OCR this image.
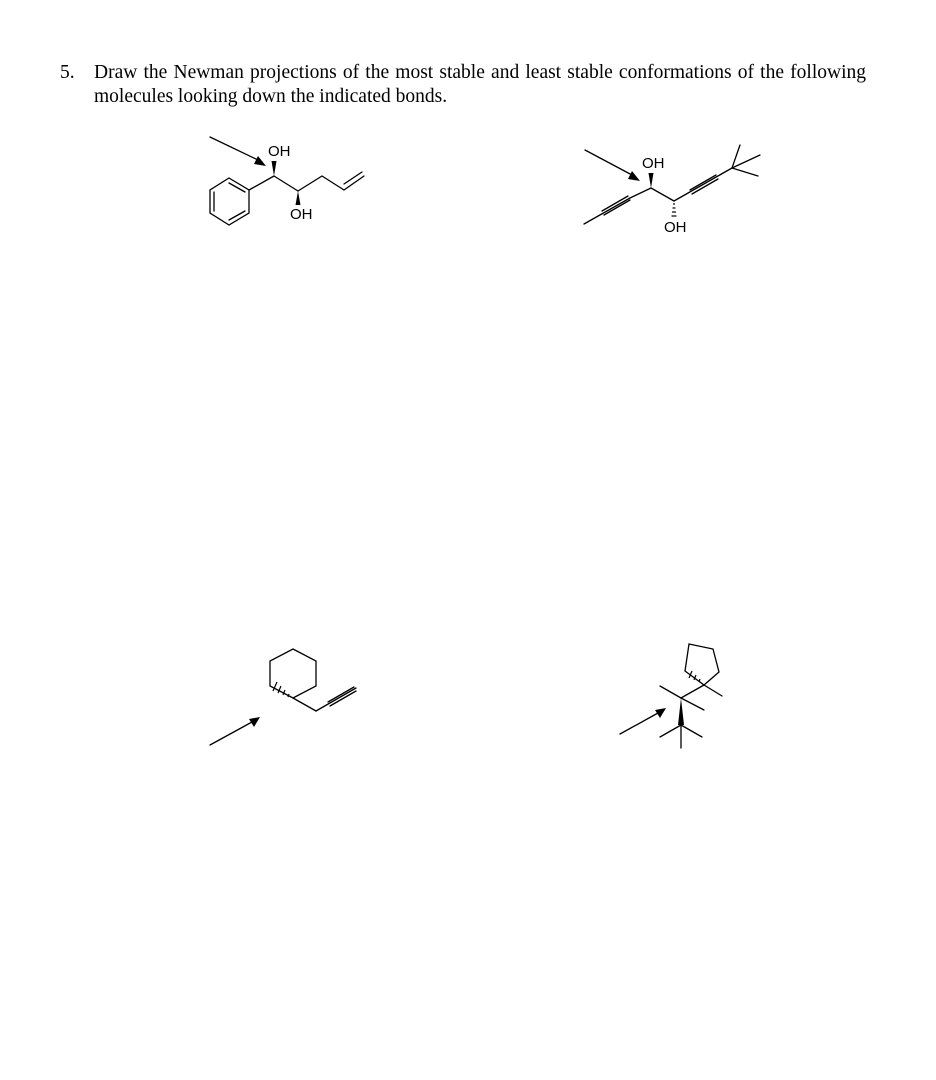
5. Draw the Newman projections of the most stable and least stable conformations of the following molecules looking down the indicated bonds.
OH
OH
OH
OH
